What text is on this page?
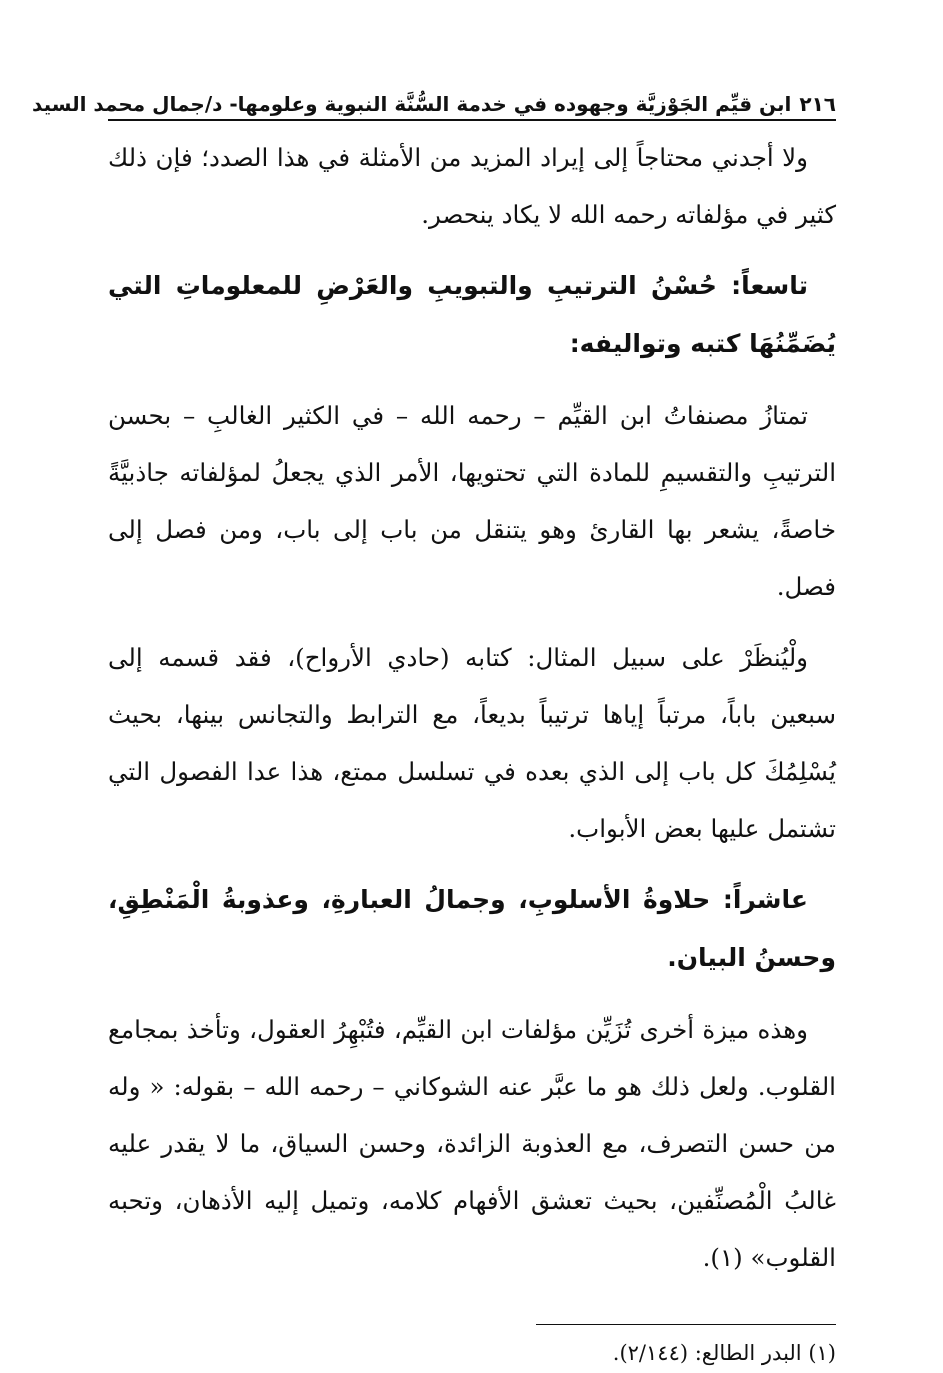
٢١٦
ابن قيِّم الجَوْزيَّة وجهوده في خدمة السُّنَّة النبوية وعلومها- د/جمال محمد السيد

ولا أجدني محتاجاً إلى إيراد المزيد من الأمثلة في هذا الصدد؛ فإن ذلك كثير في مؤلفاته رحمه الله لا يكاد ينحصر.

تاسعاً: حُسْنُ الترتيبِ والتبويبِ والعَرْضِ للمعلوماتِ التي يُضَمِّنُهَا كتبه وتواليفه:

تمتازُ مصنفاتُ ابن القيِّم – رحمه الله – في الكثير الغالبِ – بحسن الترتيبِ والتقسيمِ للمادة التي تحتويها، الأمر الذي يجعلُ لمؤلفاته جاذبيَّةً خاصةً، يشعر بها القارئ وهو يتنقل من باب إلى باب، ومن فصل إلى فصل.

ولْيُنظَرْ على سبيل المثال: كتابه (حادي الأرواح)، فقد قسمه إلى سبعين باباً، مرتباً إياها ترتيباً بديعاً، مع الترابط والتجانس بينها، بحيث يُسْلِمُكَ كل باب إلى الذي بعده في تسلسل ممتع، هذا عدا الفصول التي تشتمل عليها بعض الأبواب.

عاشراً: حلاوةُ الأسلوبِ، وجمالُ العبارةِ، وعذوبةُ الْمَنْطِقِ، وحسنُ البيان.

وهذه ميزة أخرى تُزَيِّن مؤلفات ابن القيِّم، فتُبْهِرُ العقول، وتأخذ بمجامع القلوب. ولعل ذلك هو ما عبَّر عنه الشوكاني – رحمه الله – بقوله: « وله من حسن التصرف، مع العذوبة الزائدة، وحسن السياق، ما لا يقدر عليه غالبُ الْمُصنِّفين، بحيث تعشق الأفهام كلامه، وتميل إليه الأذهان، وتحبه القلوب» (١).

(١) البدر الطالع: (٢/١٤٤).
